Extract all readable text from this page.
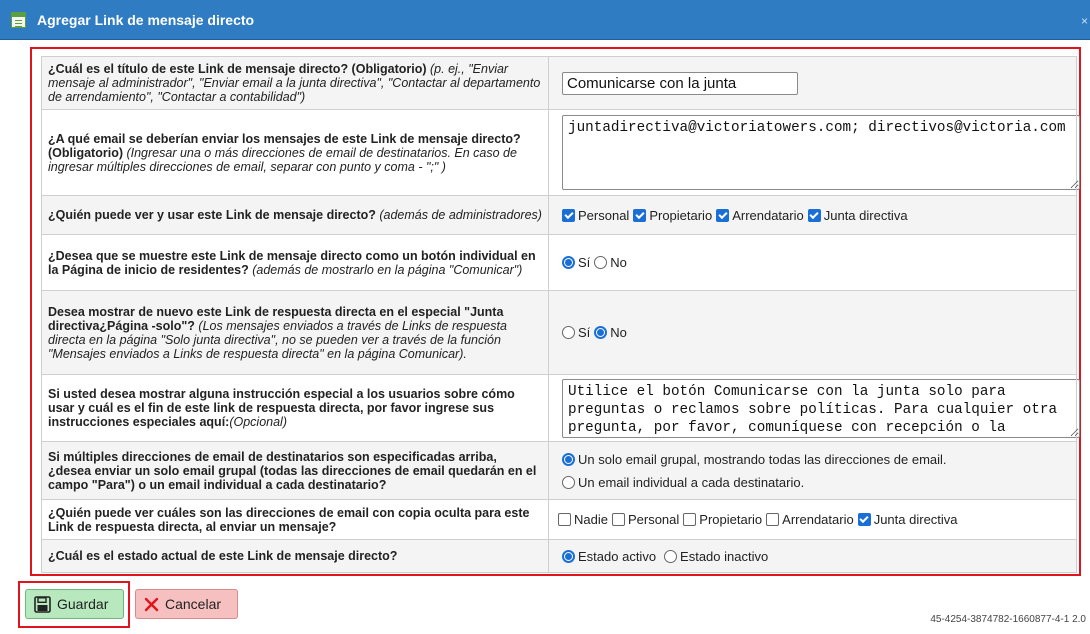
Agregar Link de mensaje directo	×
¿Cuál es el título de este Link de mensaje directo? (Obligatorio) (p. ej., "Enviar mensaje al administrador", "Enviar email a la junta directiva", "Contactar al departamento de arrendamiento", "Contactar a contabilidad")	Comunicarse con la junta
¿A qué email se deberían enviar los mensajes de este Link de mensaje directo? (Obligatorio) (Ingresar una o más direcciones de email de destinatarios. En caso de ingresar múltiples direcciones de email, separar con punto y coma - ";" )	
juntadirectiva@victoriatowers.com; directivos@victoria.com
¿Quién puede ver y usar este Link de mensaje directo? (además de administradores)	Personal Propietario Arrendatario Junta directiva

¿Desea que se muestre este Link de mensaje directo como un botón individual en la Página de inicio de residentes? (además de mostrarlo en la página "Comunicar")	Sí No

Desea mostrar de nuevo este Link de respuesta directa en el especial "Junta directiva¿Página -solo"? (Los mensajes enviados a través de Links de respuesta directa en la página "Solo junta directiva", no se pueden ver a través de la función "Mensajes enviados a Links de respuesta directa" en la página Comunicar).	Sí No

Si usted desea mostrar alguna instrucción especial a los usuarios sobre cómo usar y cuál es el fin de este link de respuesta directa, por favor ingrese sus instrucciones especiales aquí:(Opcional)	
Utilice el botón Comunicarse con la junta solo para preguntas o reclamos sobre políticas. Para cualquier otra pregunta, por favor, comuníquese con recepción o la administración
Si múltiples direcciones de email de destinatarios son especificadas arriba, ¿desea enviar un solo email grupal (todas las direcciones de email quedarán en el campo "Para") o un email individual a cada destinatario?	Un solo email grupal, mostrando todas las direcciones de email.
Un email individual a cada destinatario.

¿Quién puede ver cuáles son las direcciones de email con copia oculta para este Link de respuesta directa, al enviar un mensaje?	Nadie Personal Propietario Arrendatario Junta directiva

¿Cuál es el estado actual de este Link de mensaje directo?	Estado activo Estado inactivo
Guardar	Cancelar
45-4254-3874782-1660877-4-1 2.0
